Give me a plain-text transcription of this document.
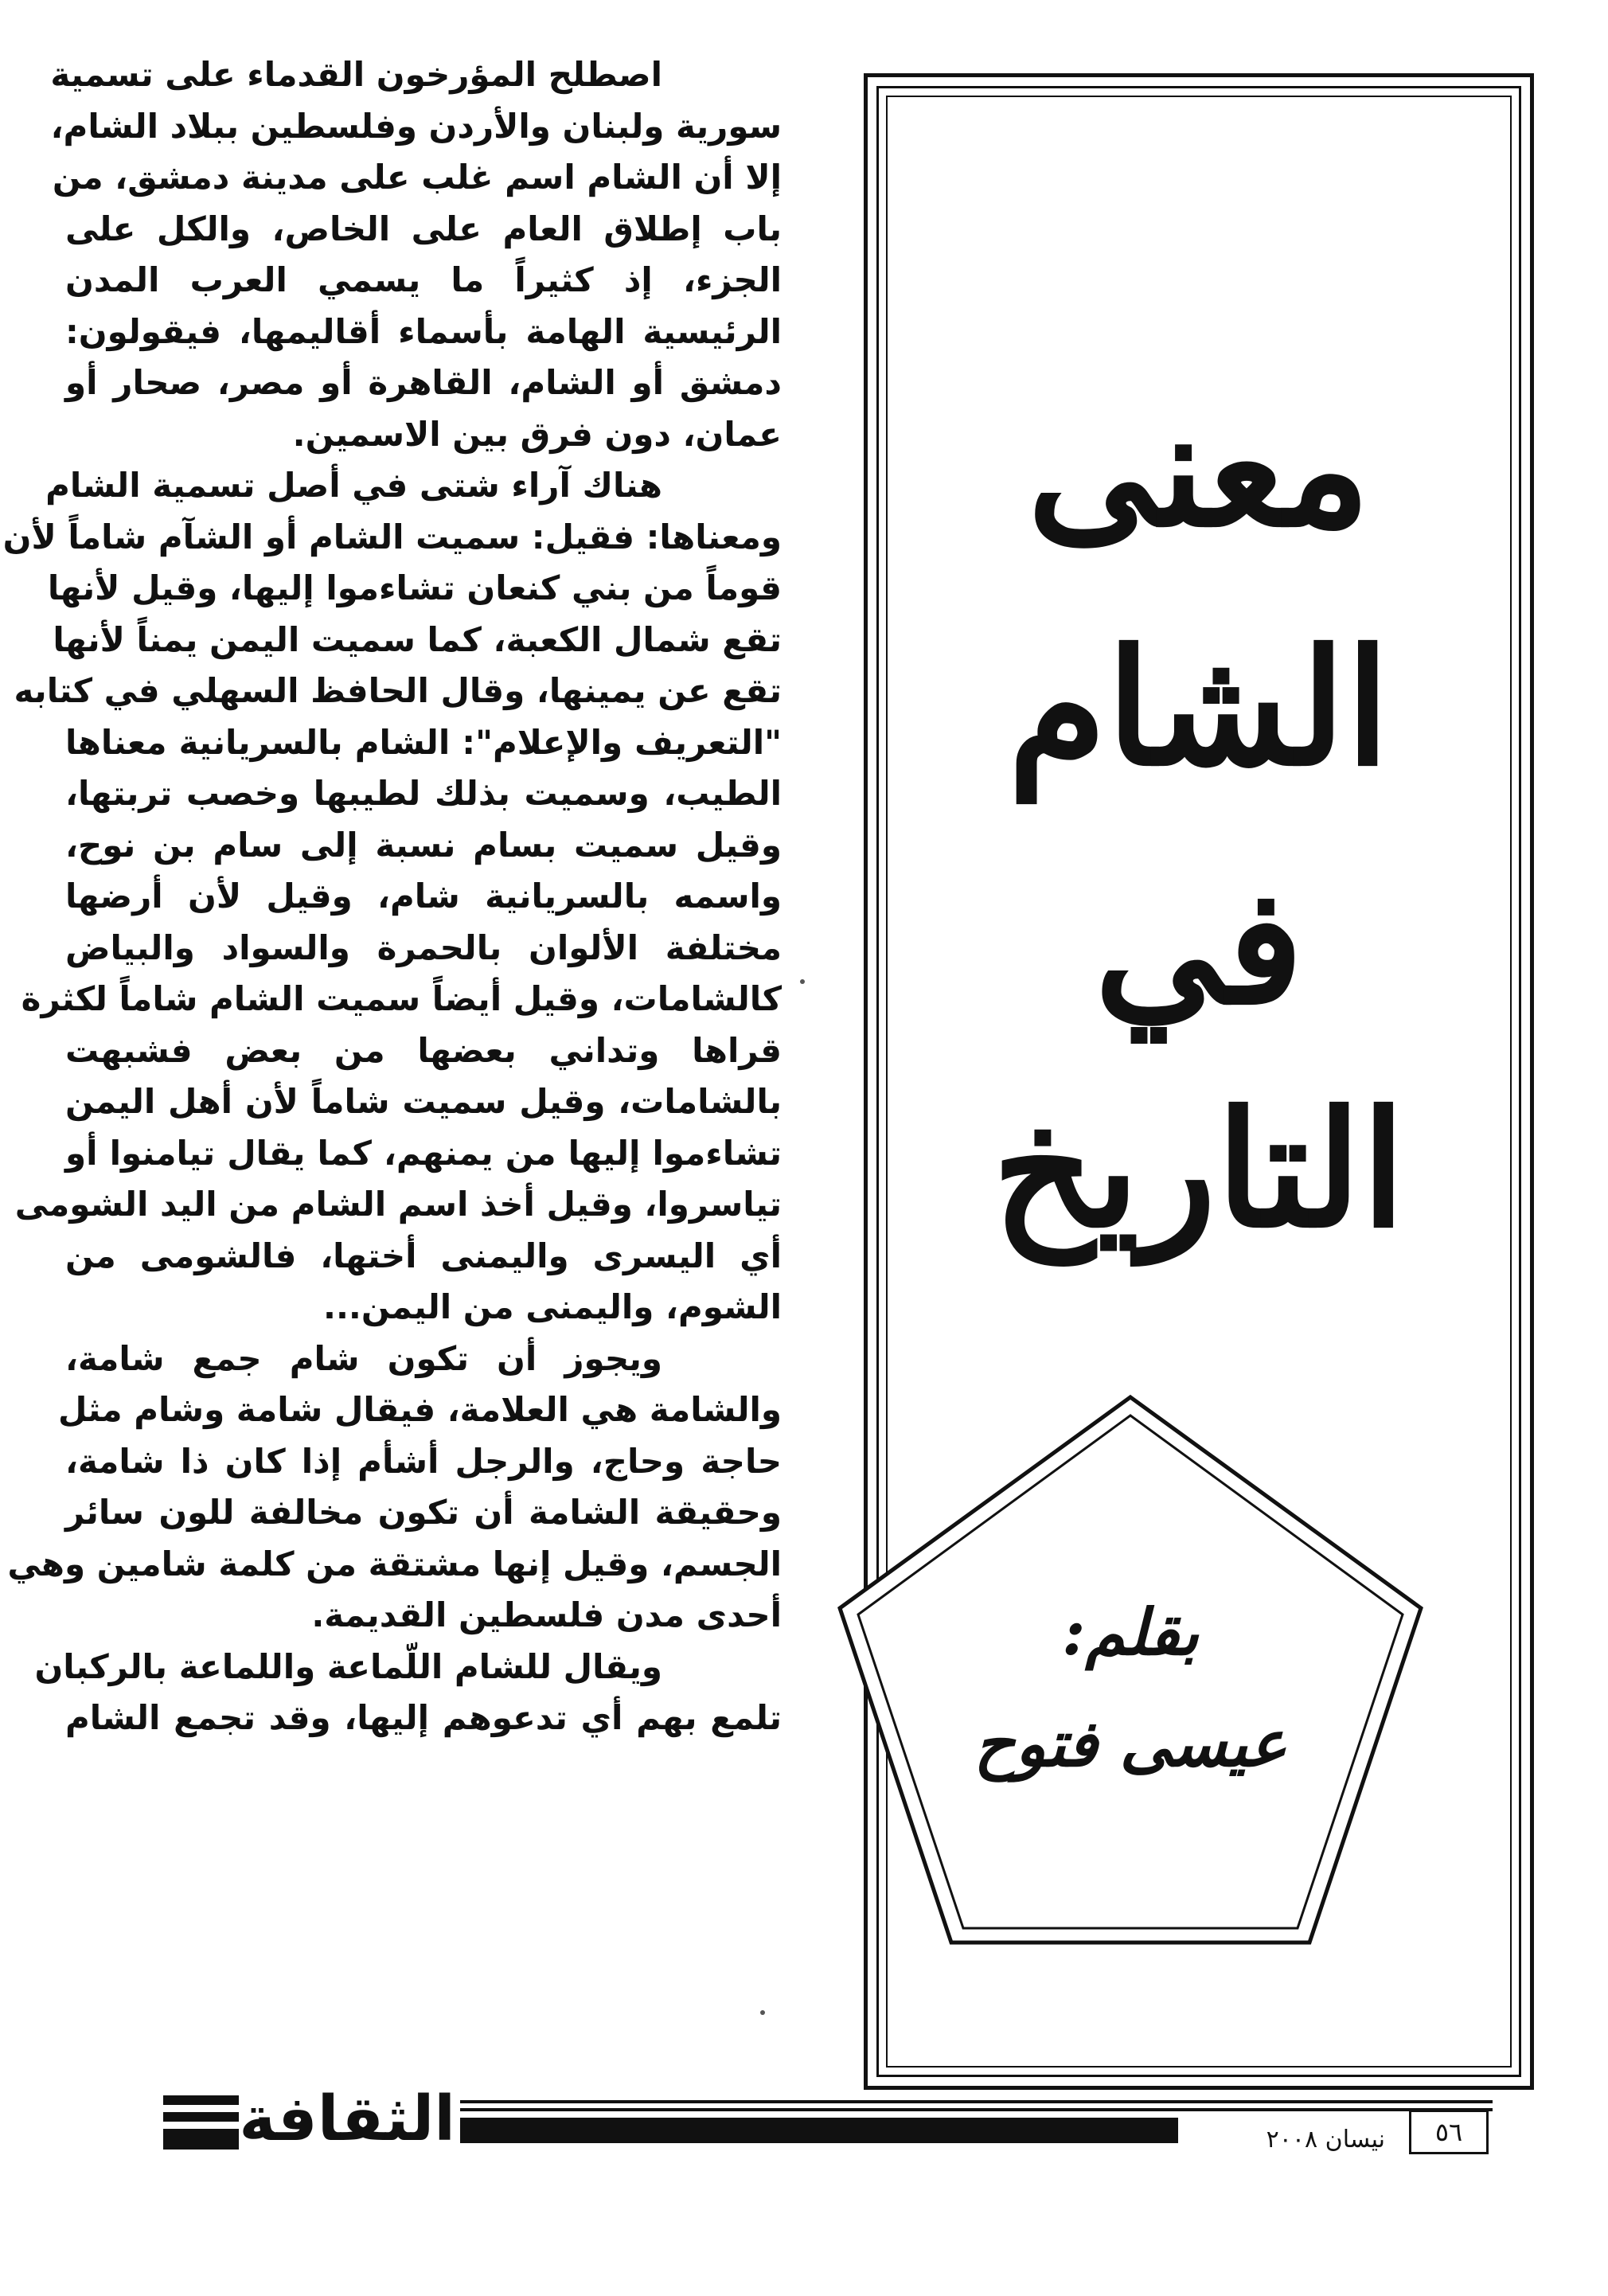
اصطلح المؤرخون القدماء على تسمية
سورية ولبنان والأردن وفلسطين ببلاد الشام،
إلا أن الشام اسم غلب على مدينة دمشق، من
باب إطلاق العام على الخاص، والكل على
الجزء، إذ كثيراً ما يسمي العرب المدن
الرئيسية الهامة بأسماء أقاليمها، فيقولون:
دمشق أو الشام، القاهرة أو مصر، صحار أو
عمان، دون فرق بين الاسمين.
هناك آراء شتى في أصل تسمية الشام
ومعناها: فقيل: سميت الشام أو الشآم شاماً لأن
قوماً من بني كنعان تشاءموا إليها، وقيل لأنها
تقع شمال الكعبة، كما سميت اليمن يمناً لأنها
تقع عن يمينها، وقال الحافظ السهلي في كتابه
"التعريف والإعلام": الشام بالسريانية معناها
الطيب، وسميت بذلك لطيبها وخصب تربتها،
وقيل سميت بسام نسبة إلى سام بن نوح،
واسمه بالسريانية شام، وقيل لأن أرضها
مختلفة الألوان بالحمرة والسواد والبياض
كالشامات، وقيل أيضاً سميت الشام شاماً لكثرة
قراها وتداني بعضها من بعض فشبهت
بالشامات، وقيل سميت شاماً لأن أهل اليمن
تشاءموا إليها من يمنهم، كما يقال تيامنوا أو
تياسروا، وقيل أخذ اسم الشام من اليد الشومى
أي اليسرى واليمنى أختها، فالشومى من
الشوم، واليمنى من اليمن...
ويجوز أن تكون شام جمع شامة،
والشامة هي العلامة، فيقال شامة وشام مثل
حاجة وحاج، والرجل أشأم إذا كان ذا شامة،
وحقيقة الشامة أن تكون مخالفة للون سائر
الجسم، وقيل إنها مشتقة من كلمة شامين وهي
أحدى مدن فلسطين القديمة.
ويقال للشام اللّماعة واللماعة بالركبان
تلمع بهم أي تدعوهم إليها، وقد تجمع الشام
معنى
الشام
في
التاريخ
بقلم:
عيسى فتوح
الثقافة	نيسان ٢٠٠٨	٥٦
